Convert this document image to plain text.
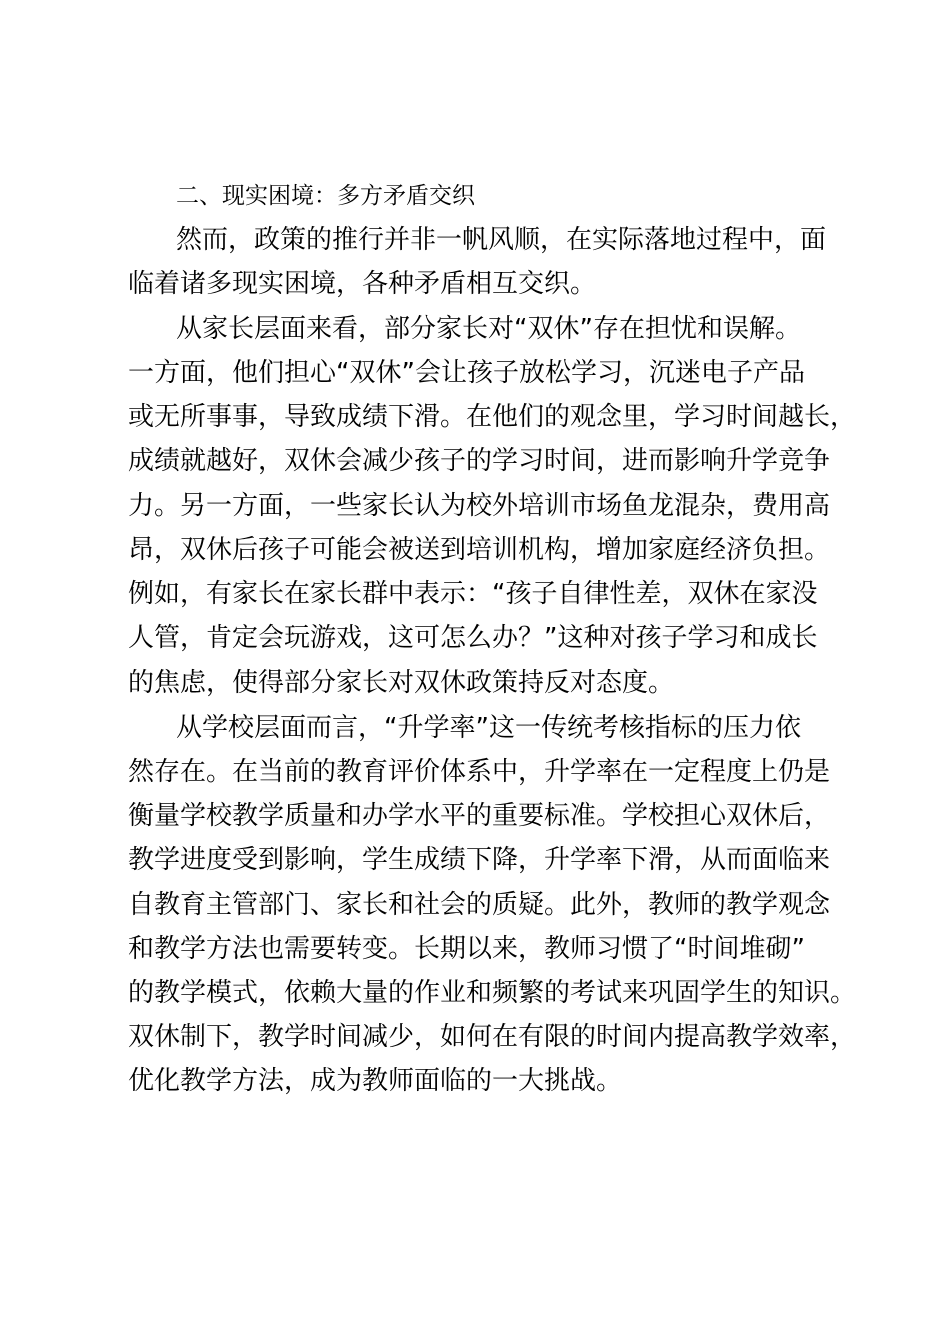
二、现实困境：多方矛盾交织

然而，政策的推行并非一帆风顺，在实际落地过程中，面

临着诸多现实困境，各种矛盾相互交织。

从家长层面来看，部分家长对“双休”存在担忧和误解。

一方面，他们担心“双休”会让孩子放松学习，沉迷电子产品

或无所事事，导致成绩下滑。在他们的观念里，学习时间越长，

成绩就越好，双休会减少孩子的学习时间，进而影响升学竞争

力。另一方面，一些家长认为校外培训市场鱼龙混杂，费用高

昂，双休后孩子可能会被送到培训机构，增加家庭经济负担。

例如，有家长在家长群中表示：“孩子自律性差，双休在家没

人管，肯定会玩游戏，这可怎么办？”这种对孩子学习和成长

的焦虑，使得部分家长对双休政策持反对态度。

从学校层面而言，“升学率”这一传统考核指标的压力依

然存在。在当前的教育评价体系中，升学率在一定程度上仍是

衡量学校教学质量和办学水平的重要标准。学校担心双休后，

教学进度受到影响，学生成绩下降，升学率下滑，从而面临来

自教育主管部门、家长和社会的质疑。此外，教师的教学观念

和教学方法也需要转变。长期以来，教师习惯了“时间堆砌”

的教学模式，依赖大量的作业和频繁的考试来巩固学生的知识。

双休制下，教学时间减少，如何在有限的时间内提高教学效率，

优化教学方法，成为教师面临的一大挑战。
